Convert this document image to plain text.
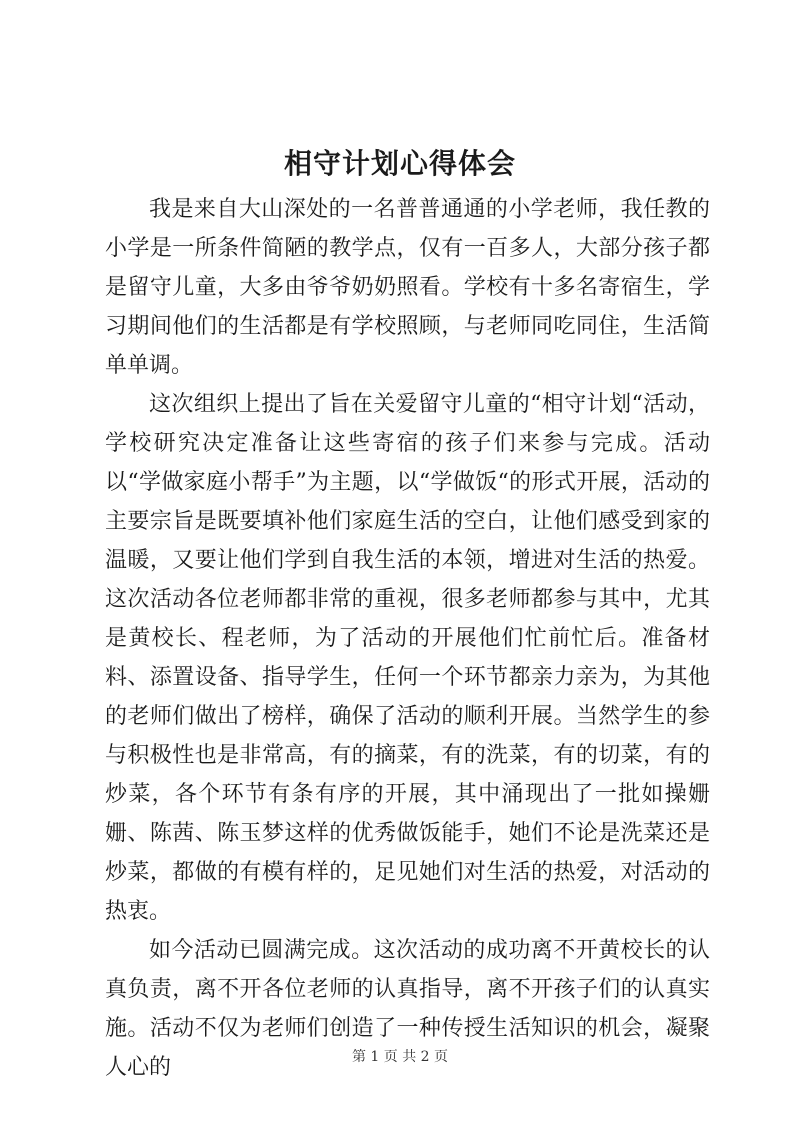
相守计划心得体会

我是来自大山深处的一名普普通通的小学老师，我任教的小学是一所条件简陋的教学点，仅有一百多人，大部分孩子都是留守儿童，大多由爷爷奶奶照看。学校有十多名寄宿生，学习期间他们的生活都是有学校照顾，与老师同吃同住，生活简单单调。

这次组织上提出了旨在关爱留守儿童的“相守计划“活动，学校研究决定准备让这些寄宿的孩子们来参与完成。活动以“学做家庭小帮手”为主题，以“学做饭“的形式开展，活动的主要宗旨是既要填补他们家庭生活的空白，让他们感受到家的温暖，又要让他们学到自我生活的本领，增进对生活的热爱。这次活动各位老师都非常的重视，很多老师都参与其中，尤其是黄校长、程老师，为了活动的开展他们忙前忙后。准备材料、添置设备、指导学生，任何一个环节都亲力亲为，为其他的老师们做出了榜样，确保了活动的顺利开展。当然学生的参与积极性也是非常高，有的摘菜，有的洗菜，有的切菜，有的炒菜，各个环节有条有序的开展，其中涌现出了一批如操姗姗、陈茜、陈玉梦这样的优秀做饭能手，她们不论是洗菜还是炒菜，都做的有模有样的，足见她们对生活的热爱，对活动的热衷。

如今活动已圆满完成。这次活动的成功离不开黄校长的认真负责，离不开各位老师的认真指导，离不开孩子们的认真实施。活动不仅为老师们创造了一种传授生活知识的机会，凝聚人心的	第 1 页 共 2 页
